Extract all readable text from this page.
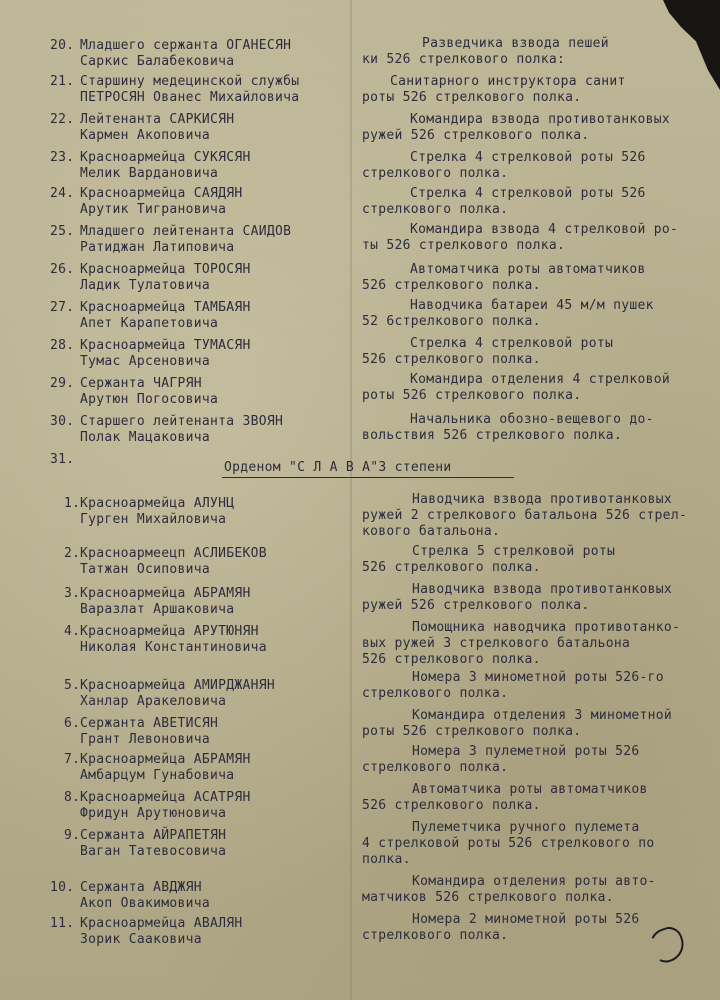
20. Младшего сержанта ОГАНЕСЯН
Саркис Балабековича
21. Старшину медецинской службы
ПЕТРОСЯН Ованес Михайловича
22. Лейтенанта САРКИСЯН
Кармен Акоповича
23. Красноармейца СУКЯСЯН
Мелик Вардановича
24. Красноармейца САЯДЯН
Арутик Тиграновича
25. Младшего лейтенанта САИДОВ
Ратиджан Латиповича
26. Красноармейца ТОРОСЯН
Ладик Тулатовича
27. Красноармейца ТАМБАЯН
Апет Карапетовича
28. Красноармейца ТУМАСЯН
Тумас Арсеновича
29. Сержанта ЧАГРЯН
Арутюн Погосовича
30. Старшего лейтенанта ЗВОЯН
Полак Мацаковича
31.
1. Красноармейца АЛУНЦ
Гурген Михайловича
2. Красноармеецп АСЛИБЕКОВ
Татжан Осиповича
3. Красноармейца АБРАМЯН
Варазлат Аршаковича
4. Красноармейца АРУТЮНЯН
Николая Константиновича
5. Красноармейца АМИРДЖАНЯН
Ханлар Аракеловича
6. Сержанта АВЕТИСЯН
Грант Левоновича
7. Красноармейца АБРАМЯН
Амбарцум Гунабовича
8. Красноармейца АСАТРЯН
Фридун Арутюновича
9. Сержанта АЙРАПЕТЯН
Ваган Татевосовича
10. Сержанта АВДЖЯН
Акоп Овакимовича
11. Красноармейца АВАЛЯН
Зорик Сааковича
Разведчика взвода пешей
ки 526 стрелкового полка:
Санитарного инструктора санит
роты 526 стрелкового полка.
Командира взвода противотанковых
ружей 526 стрелкового полка.
Стрелка 4 стрелковой роты 526
стрелкового полка.
Стрелка 4 стрелковой роты 526
стрелкового полка.
Командира взвода 4 стрелковой ро-
ты 526 стрелкового полка.
Автоматчика роты автоматчиков
526 стрелкового полка.
Наводчика батареи 45 м/м пушек
52 6стрелкового полка.
Стрелка 4 стрелковой роты
526 стрелкового полка.
Командира отделения 4 стрелковой
роты 526 стрелкового полка.
Начальника обозно-вещевого до-
вольствия 526 стрелкового полка.
Наводчика взвода противотанковых
ружей 2 стрелкового батальона 526 стрел-
кового батальона.
Стрелка 5 стрелковой роты
526 стрелкового полка.
Наводчика взвода противотанковых
ружей 526 стрелкового полка.
Помощника наводчика противотанко-
вых ружей 3 стрелкового батальона
526 стрелкового полка.
Номера 3 минометной роты 526-го
стрелкового полка.
Командира отделения 3 минометной
роты 526 стрелкового полка.
Номера 3 пулеметной роты 526
стрелкового полка.
Автоматчика роты автоматчиков
526 стрелкового полка.
Пулеметчика ручного пулемета
4 стрелковой роты 526 стрелкового по
полка.
Командира отделения роты авто-
матчиков 526 стрелкового полка.
Номера 2 минометной роты 526
стрелкового полка.
Орденом "С Л А В А"3 степени
